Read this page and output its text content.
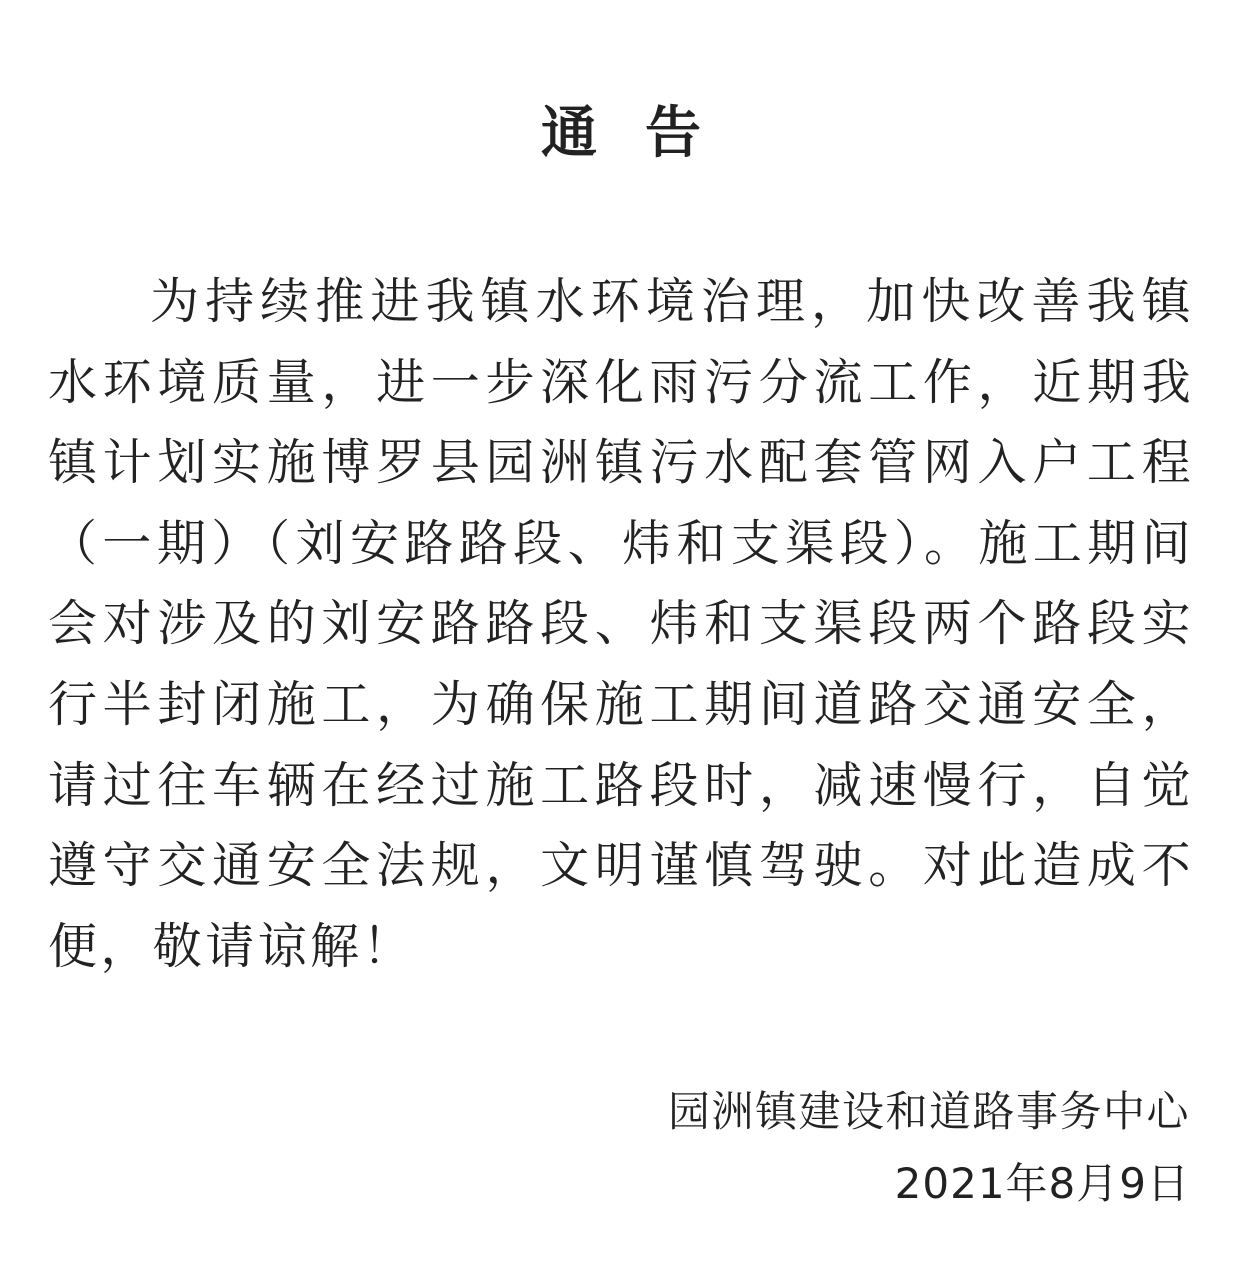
通告
为持续推进我镇水环境治理，加快改善我镇水环境质量，进一步深化雨污分流工作，近期我镇计划实施博罗县园洲镇污水配套管网入户工程（一期）（刘安路路段、炜和支渠段）。施工期间会对涉及的刘安路路段、炜和支渠段两个路段实行半封闭施工，为确保施工期间道路交通安全，请过往车辆在经过施工路段时，减速慢行，自觉遵守交通安全法规，文明谨慎驾驶。对此造成不便，敬请谅解！
园洲镇建设和道路事务中心
2021年8月9日
